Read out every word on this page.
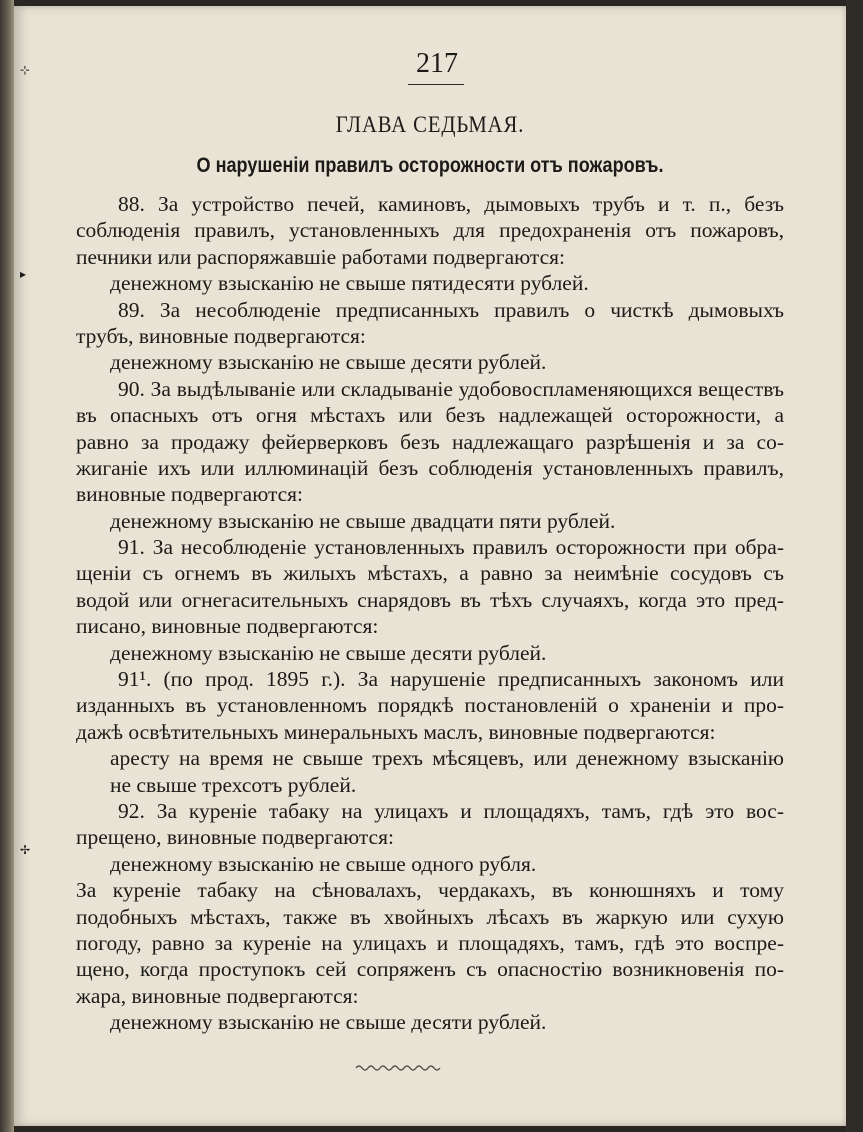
⊹
▸
✢
217
ГЛАВА СЕДЬМАЯ.
О нарушеніи правилъ осторожности отъ пожаровъ.
88. За устройство печей, каминовъ, дымовыхъ трубъ и т. п., безъ
соблюденія правилъ, установленныхъ для предохраненія отъ пожаровъ,
печники или распоряжавшіе работами подвергаются:
денежному взысканію не свыше пятидесяти рублей.
89. За несоблюденіе предписанныхъ правилъ о чисткѣ дымовыхъ
трубъ, виновные подвергаются:
денежному взысканію не свыше десяти рублей.
90. За выдѣлываніе или складываніе удобовоспламеняющихся веществъ
въ опасныхъ отъ огня мѣстахъ или безъ надлежащей осторожности, а
равно за продажу фейерверковъ безъ надлежащаго разрѣшенія и за со-
жиганіе ихъ или иллюминацій безъ соблюденія установленныхъ правилъ,
виновные подвергаются:
денежному взысканію не свыше двадцати пяти рублей.
91. За несоблюденіе установленныхъ правилъ осторожности при обра-
щеніи съ огнемъ въ жилыхъ мѣстахъ, а равно за неимѣніе сосудовъ съ
водой или огнегасительныхъ снарядовъ въ тѣхъ случаяхъ, когда это пред-
писано, виновные подвергаются:
денежному взысканію не свыше десяти рублей.
91¹. (по прод. 1895 г.). За нарушеніе предписанныхъ закономъ или
изданныхъ въ установленномъ порядкѣ постановленій о храненіи и про-
дажѣ освѣтительныхъ минеральныхъ маслъ, виновные подвергаются:
аресту на время не свыше трехъ мѣсяцевъ, или денежному взысканію
не свыше трехсотъ рублей.
92. За куреніе табаку на улицахъ и площадяхъ, тамъ, гдѣ это вос-
прещено, виновные подвергаются:
денежному взысканію не свыше одного рубля.
За куреніе табаку на сѣновалахъ, чердакахъ, въ конюшняхъ и тому
подобныхъ мѣстахъ, также въ хвойныхъ лѣсахъ въ жаркую или сухую
погоду, равно за куреніе на улицахъ и площадяхъ, тамъ, гдѣ это воспре-
щено, когда проступокъ сей сопряженъ съ опасностію возникновенія по-
жара, виновные подвергаются:
денежному взысканію не свыше десяти рублей.
